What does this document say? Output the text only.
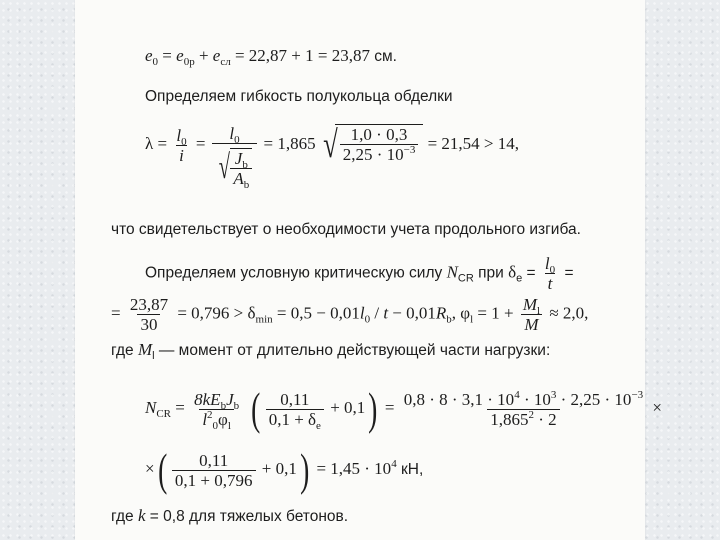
$e_0 = e_{0p} + e_{сл} = 22,87 + 1 = 23,87$ см.
Определяем гибкость полукольца обделки
$\lambda = \frac{l_0}{i} = \frac{l_0}{√ \frac{J_b}{A_b}} = 1,865$ √ $\frac{1,0 \cdot 0,3}{2,25 \cdot 10^{-3}} = 21,54 > 14$,
что свидетельствует о необходимости учета продольного изгиба.
Определяем условную критическую силу $N_{CR}$ при $\delta_e = \frac{l_0}{t}$ =
= $\frac{23,87}{30} = 0,796 > \delta_{min} = 0,5 - 0,01l_0 / t - 0,01R_b$, $\varphi_l = 1 + \frac{M_l}{M} \approx 2,0$,
где $M_l$ — момент от длительно действующей части нагрузки:
$N_{CR} = \frac{8kE_bJ_b}{l^2_0\varphi_l}$ ( $\frac{0,11}{0,1 + \delta_e} + 0,1) = \frac{0,8 \cdot 8 \cdot 3,1 \cdot 10^4 \cdot 10^3 \cdot 2,25 \cdot 10^{-3}}{1,865^2 \cdot 2}$ ×
×( $\frac{0,11}{0,1 + 0,796} + 0,1) = 1,45 \cdot 10^4$ кН,
где k = 0,8 для тяжелых бетонов.
